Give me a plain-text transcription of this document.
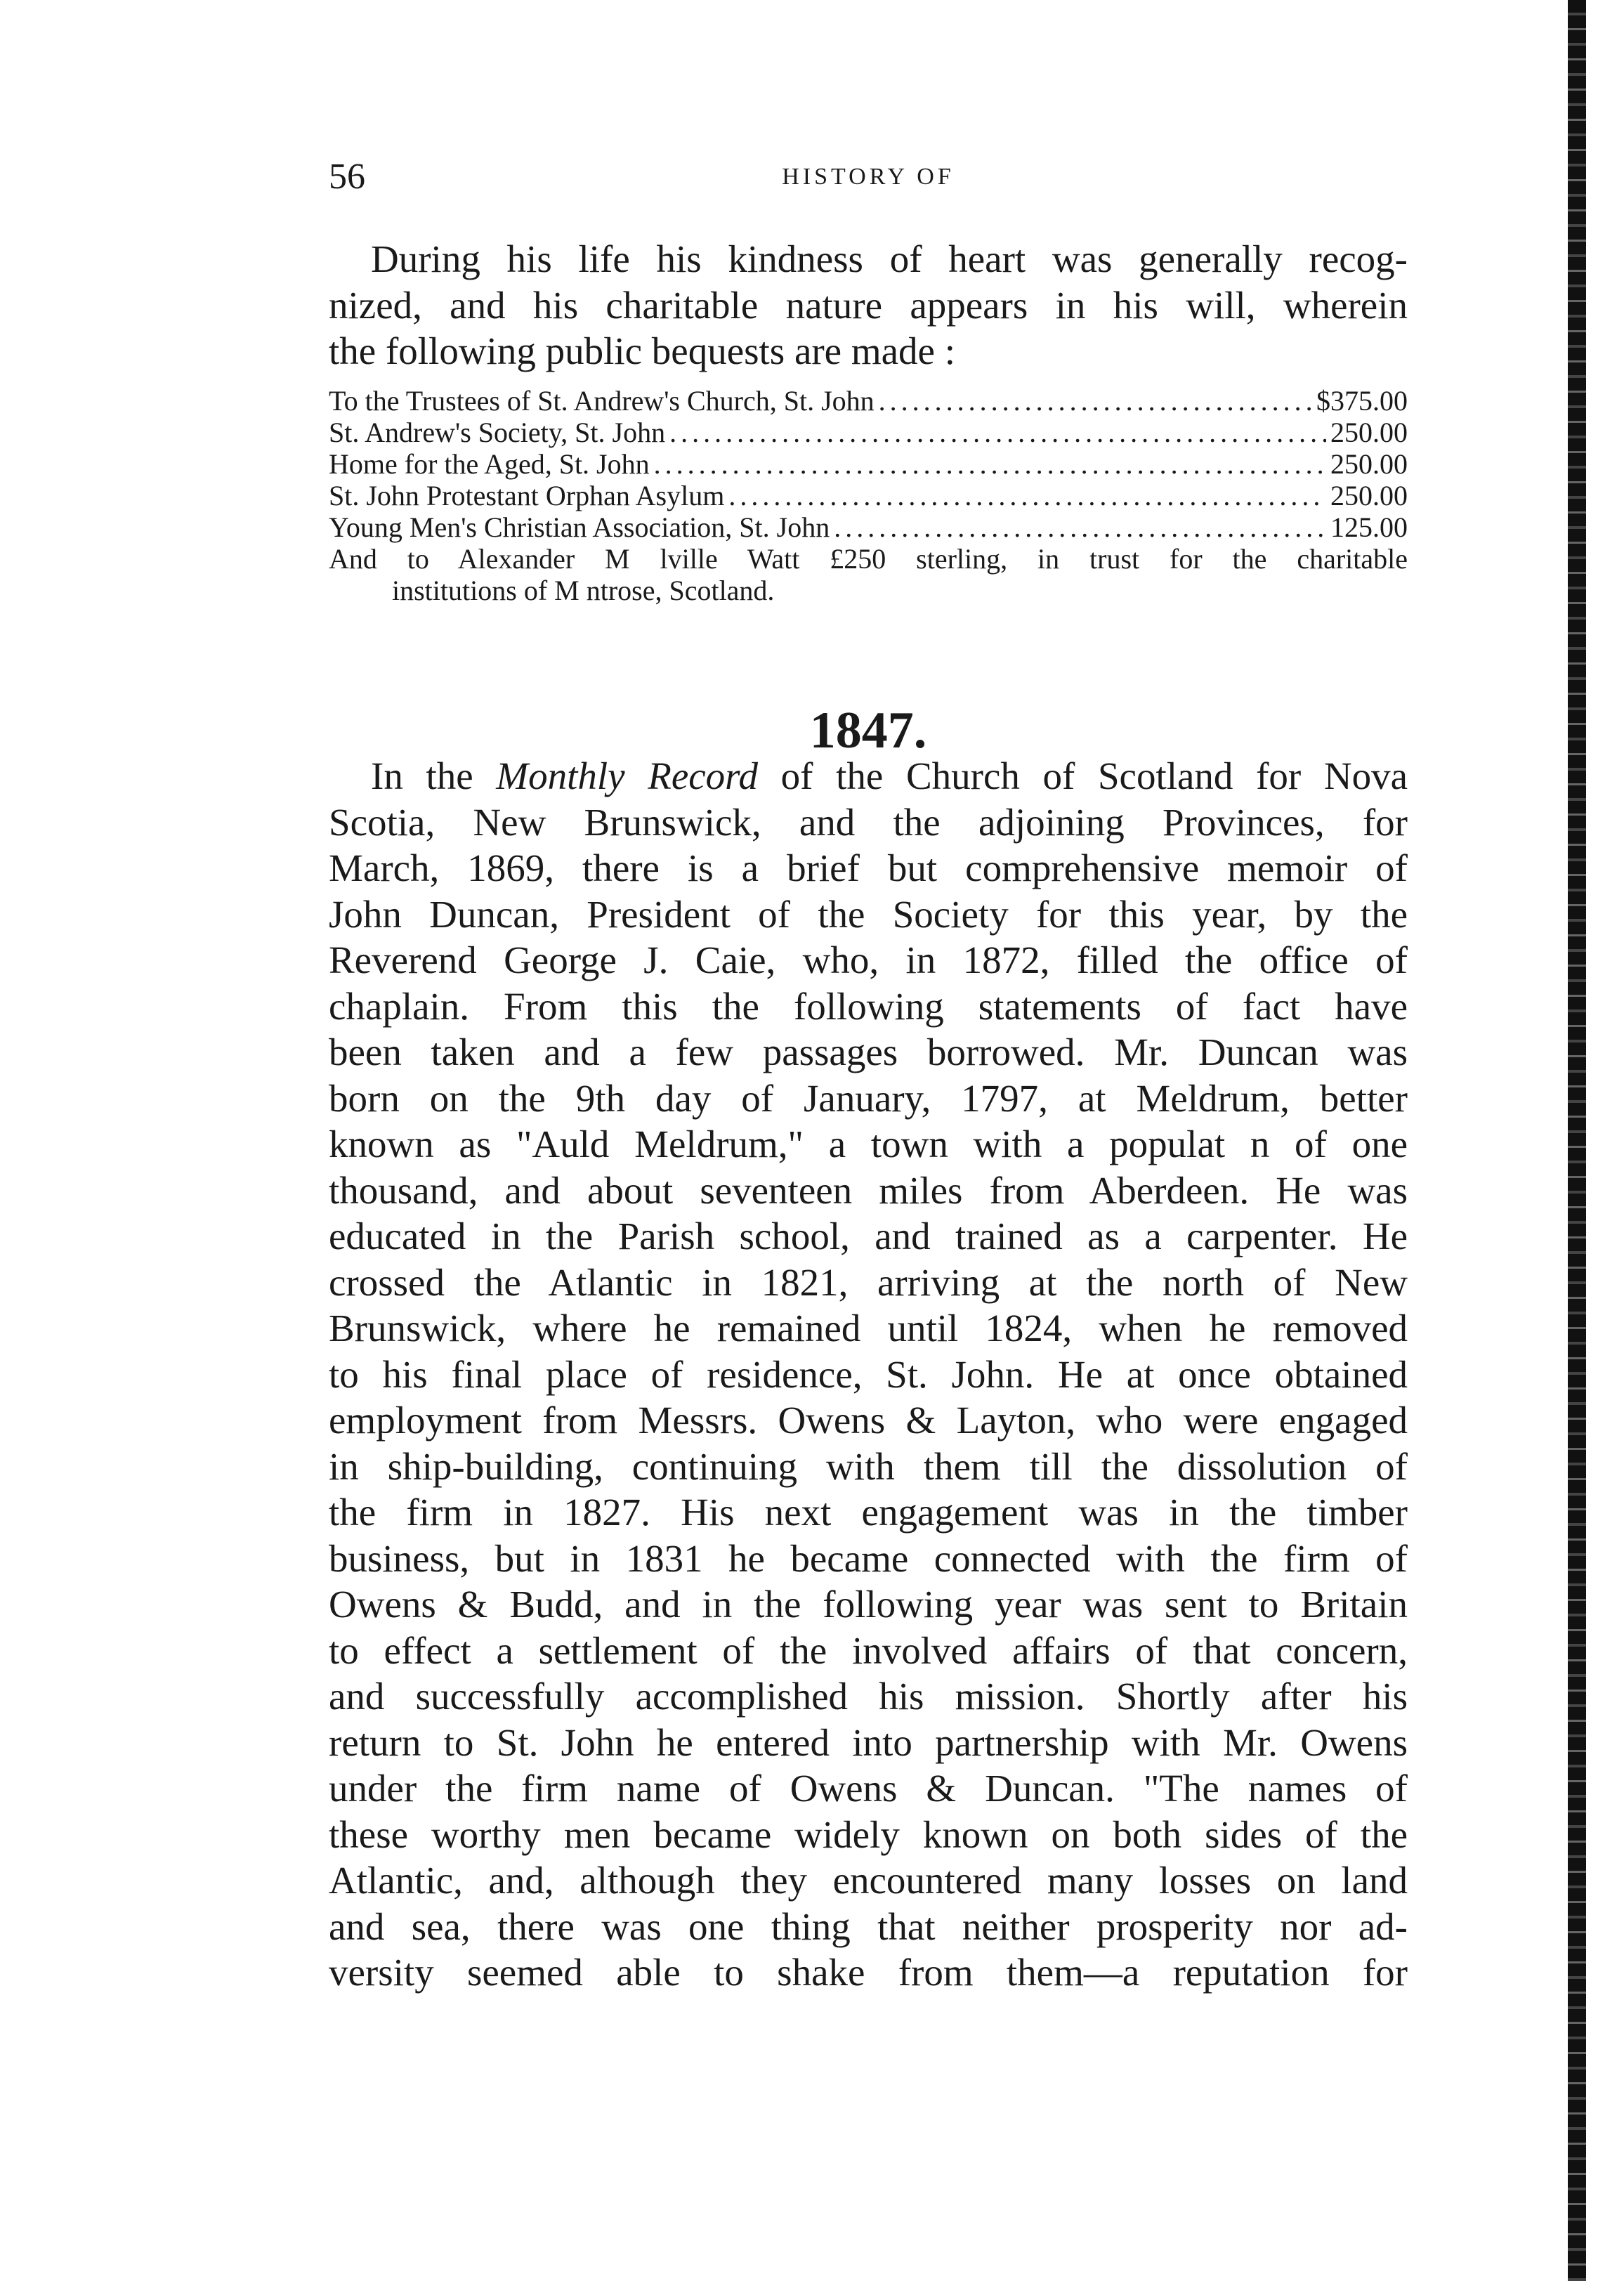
56	HISTORY OF
During his life his kindness of heart was generally recog-
nized, and his charitable nature appears in his will, wherein
the following public bequests are made :
To the Trustees of St. Andrew's Church, St. John .....	$375.00
St. Andrew's Society, St. John .....	250.00
Home for the Aged, St. John .....	250.00
St. John Protestant Orphan Asylum .....	250.00
Young Men's Christian Association, St. John .....	125.00
And to Alexander M lville Watt £250 sterling, in trust for the charitable
institutions of M ntrose, Scotland.
1847.
In the Monthly Record of the Church of Scotland for Nova
Scotia, New Brunswick, and the adjoining Provinces, for
March, 1869, there is a brief but comprehensive memoir of
John Duncan, President of the Society for this year, by the
Reverend George J. Caie, who, in 1872, filled the office of
chaplain. From this the following statements of fact have
been taken and a few passages borrowed. Mr. Duncan was
born on the 9th day of January, 1797, at Meldrum, better
known as "Auld Meldrum," a town with a populat n of one
thousand, and about seventeen miles from Aberdeen. He was
educated in the Parish school, and trained as a carpenter. He
crossed the Atlantic in 1821, arriving at the north of New
Brunswick, where he remained until 1824, when he removed
to his final place of residence, St. John. He at once obtained
employment from Messrs. Owens & Layton, who were engaged
in ship-building, continuing with them till the dissolution of
the firm in 1827. His next engagement was in the timber
business, but in 1831 he became connected with the firm of
Owens & Budd, and in the following year was sent to Britain
to effect a settlement of the involved affairs of that concern,
and successfully accomplished his mission. Shortly after his
return to St. John he entered into partnership with Mr. Owens
under the firm name of Owens & Duncan. "The names of
these worthy men became widely known on both sides of the
Atlantic, and, although they encountered many losses on land
and sea, there was one thing that neither prosperity nor ad-
versity seemed able to shake from them—a reputation for
